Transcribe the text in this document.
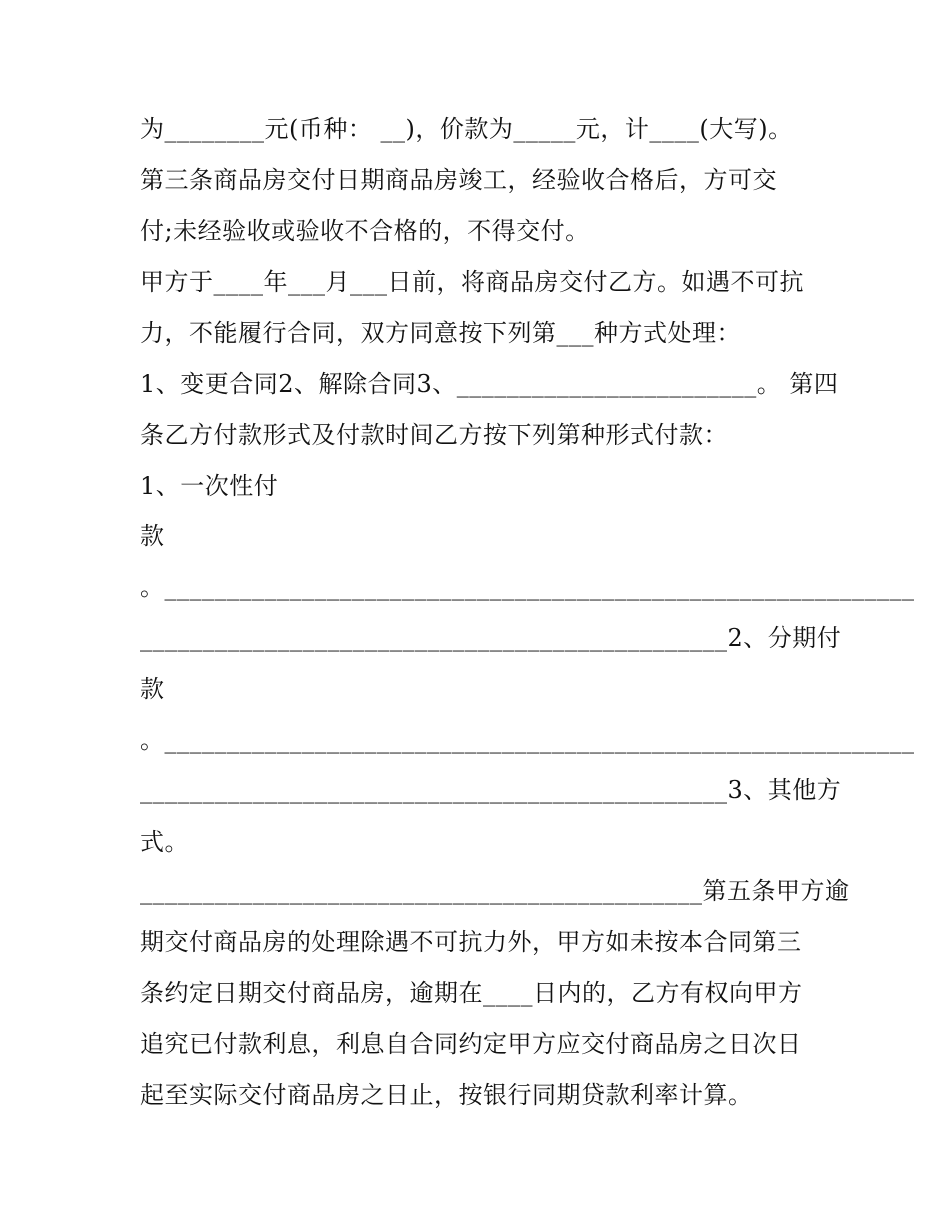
为________元(币种： __)，价款为_____元，计____(大写)。
第三条商品房交付日期商品房竣工，经验收合格后，方可交
付;未经验收或验收不合格的，不得交付。
甲方于____年___月___日前，将商品房交付乙方。如遇不可抗
力，不能履行合同，双方同意按下列第___种方式处理：
1、变更合同2、解除合同3、________________________。 第四
条乙方付款形式及付款时间乙方按下列第种形式付款：
1、一次性付
款
。____________________________________________________________
_______________________________________________2、分期付
款
。____________________________________________________________
_______________________________________________3、其他方
式。
_____________________________________________第五条甲方逾
期交付商品房的处理除遇不可抗力外，甲方如未按本合同第三
条约定日期交付商品房，逾期在____日内的，乙方有权向甲方
追究已付款利息，利息自合同约定甲方应交付商品房之日次日
起至实际交付商品房之日止，按银行同期贷款利率计算。
